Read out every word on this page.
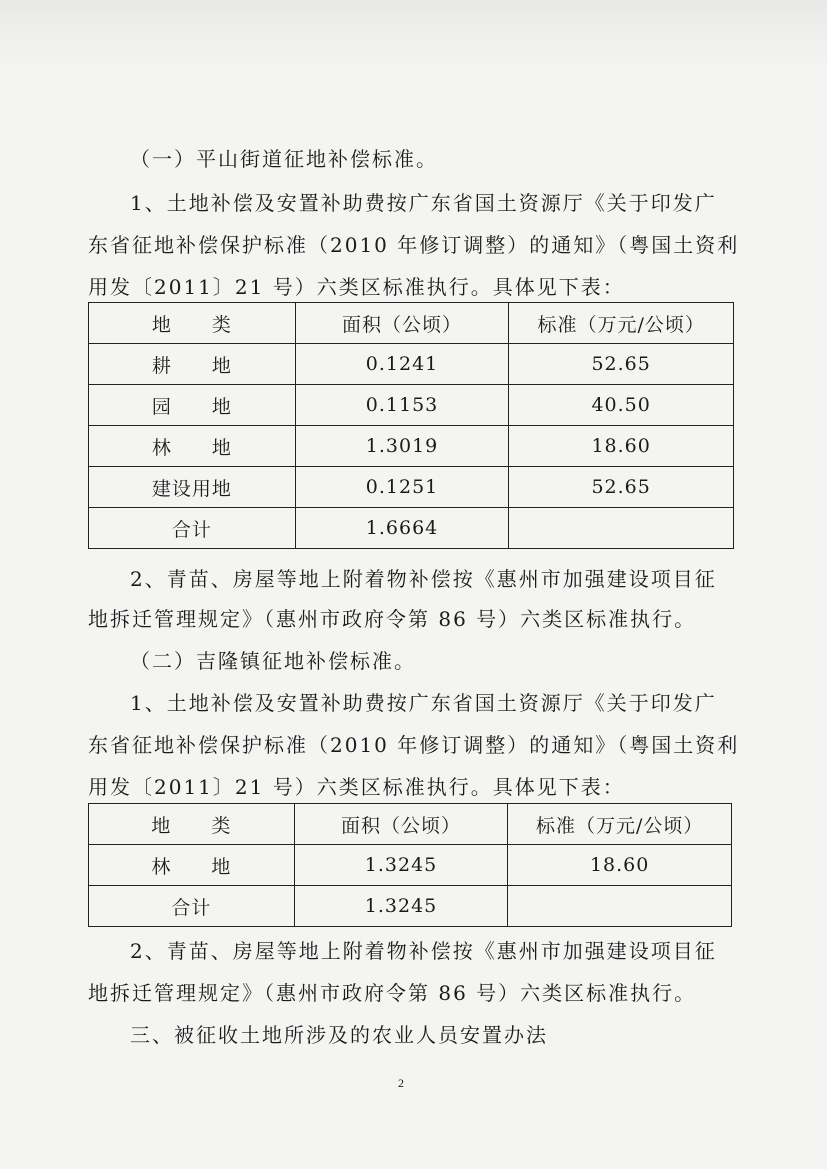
（一）平山街道征地补偿标准。
1、土地补偿及安置补助费按广东省国土资源厅《关于印发广
东省征地补偿保护标准（2010 年修订调整）的通知》（粤国土资利
用发〔2011〕21 号）六类区标准执行。具体见下表：
地　　类	面积（公顷）	标准（万元/公顷）
耕　　地	0.1241	52.65
园　　地	0.1153	40.50
林　　地	1.3019	18.60
建设用地	0.1251	52.65
合计	1.6664	
2、青苗、房屋等地上附着物补偿按《惠州市加强建设项目征
地拆迁管理规定》（惠州市政府令第 86 号）六类区标准执行。
（二）吉隆镇征地补偿标准。
1、土地补偿及安置补助费按广东省国土资源厅《关于印发广
东省征地补偿保护标准（2010 年修订调整）的通知》（粤国土资利
用发〔2011〕21 号）六类区标准执行。具体见下表：
地　　类	面积（公顷）	标准（万元/公顷）
林　　地	1.3245	18.60
合计	1.3245	
2、青苗、房屋等地上附着物补偿按《惠州市加强建设项目征
地拆迁管理规定》（惠州市政府令第 86 号）六类区标准执行。
三、被征收土地所涉及的农业人员安置办法
2
